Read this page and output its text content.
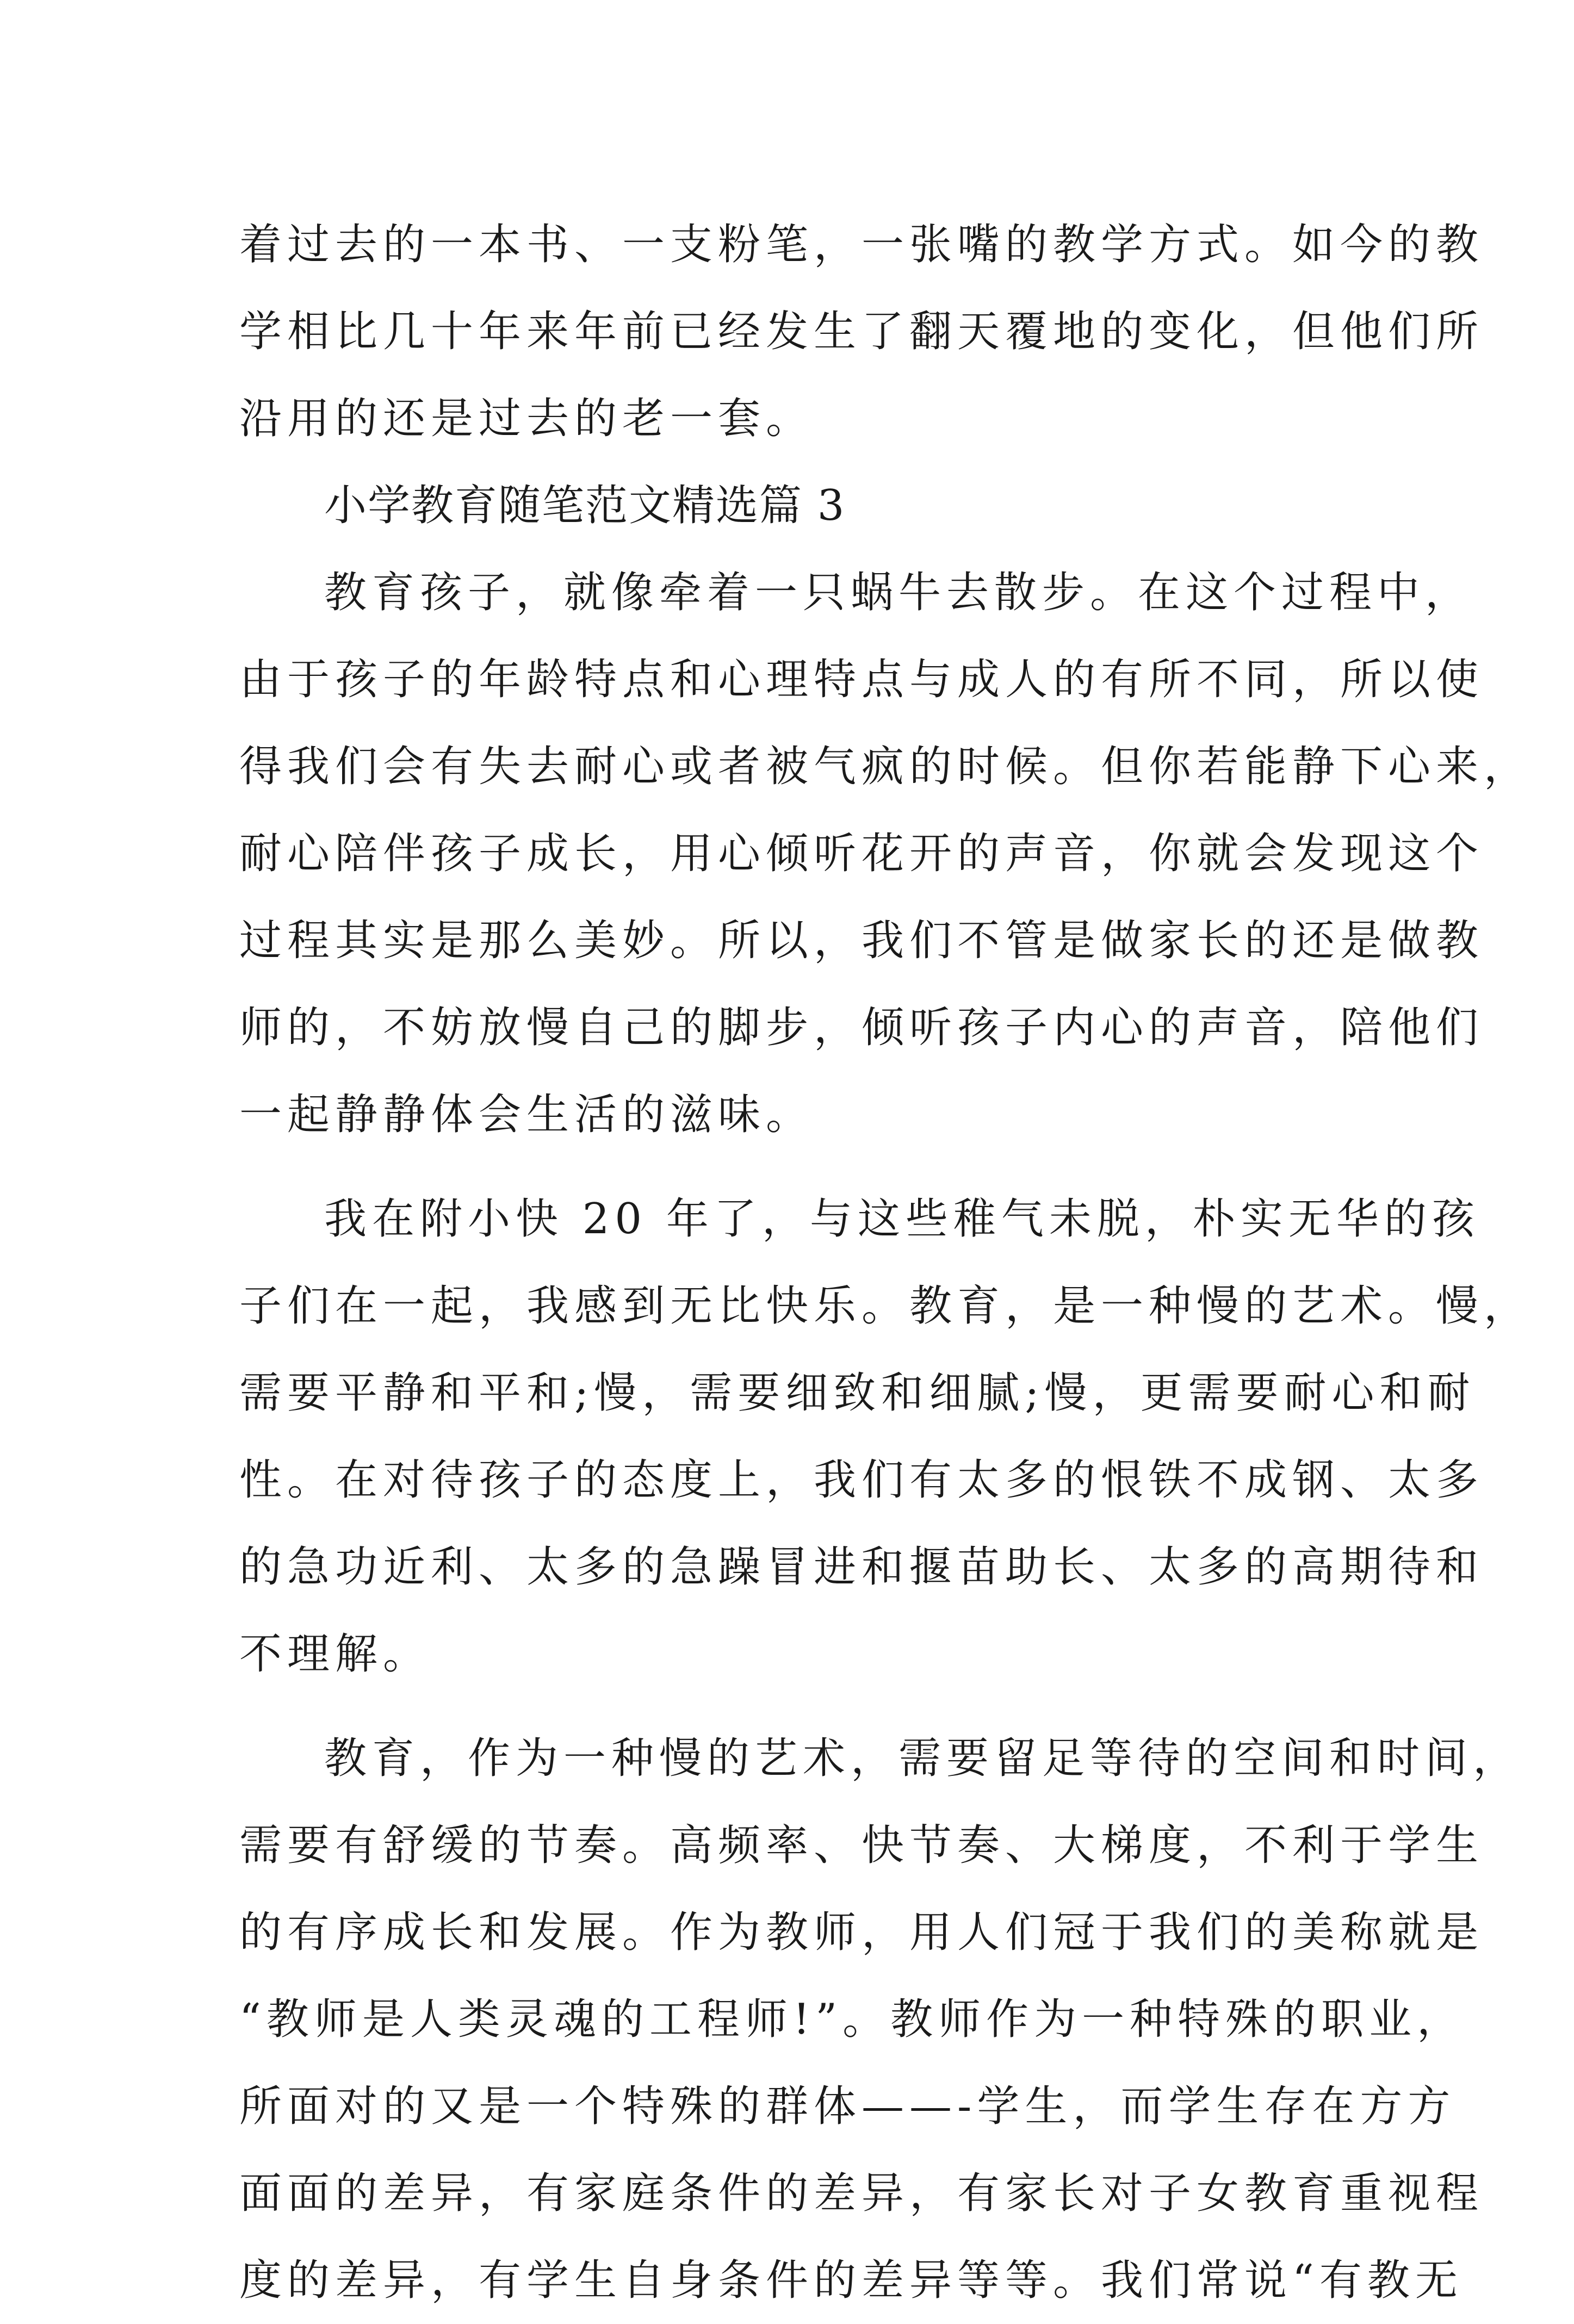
着过去的一本书、一支粉笔，一张嘴的教学方式。如今的教
学相比几十年来年前已经发生了翻天覆地的变化，但他们所
沿用的还是过去的老一套。
小学教育随笔范文精选篇 3
教育孩子，就像牵着一只蜗牛去散步。在这个过程中，
由于孩子的年龄特点和心理特点与成人的有所不同，所以使
得我们会有失去耐心或者被气疯的时候。但你若能静下心来，
耐心陪伴孩子成长，用心倾听花开的声音，你就会发现这个
过程其实是那么美妙。所以，我们不管是做家长的还是做教
师的，不妨放慢自己的脚步，倾听孩子内心的声音，陪他们
一起静静体会生活的滋味。
我在附小快 20 年了，与这些稚气未脱，朴实无华的孩
子们在一起，我感到无比快乐。教育，是一种慢的艺术。慢，
需要平静和平和;慢，需要细致和细腻;慢，更需要耐心和耐
性。在对待孩子的态度上，我们有太多的恨铁不成钢、太多
的急功近利、太多的急躁冒进和揠苗助长、太多的高期待和
不理解。
教育，作为一种慢的艺术，需要留足等待的空间和时间，
需要有舒缓的节奏。高频率、快节奏、大梯度，不利于学生
的有序成长和发展。作为教师，用人们冠于我们的美称就是
“教师是人类灵魂的工程师!”。教师作为一种特殊的职业，
所面对的又是一个特殊的群体——-学生，而学生存在方方
面面的差异，有家庭条件的差异，有家长对子女教育重视程
度的差异，有学生自身条件的差异等等。我们常说“有教无
